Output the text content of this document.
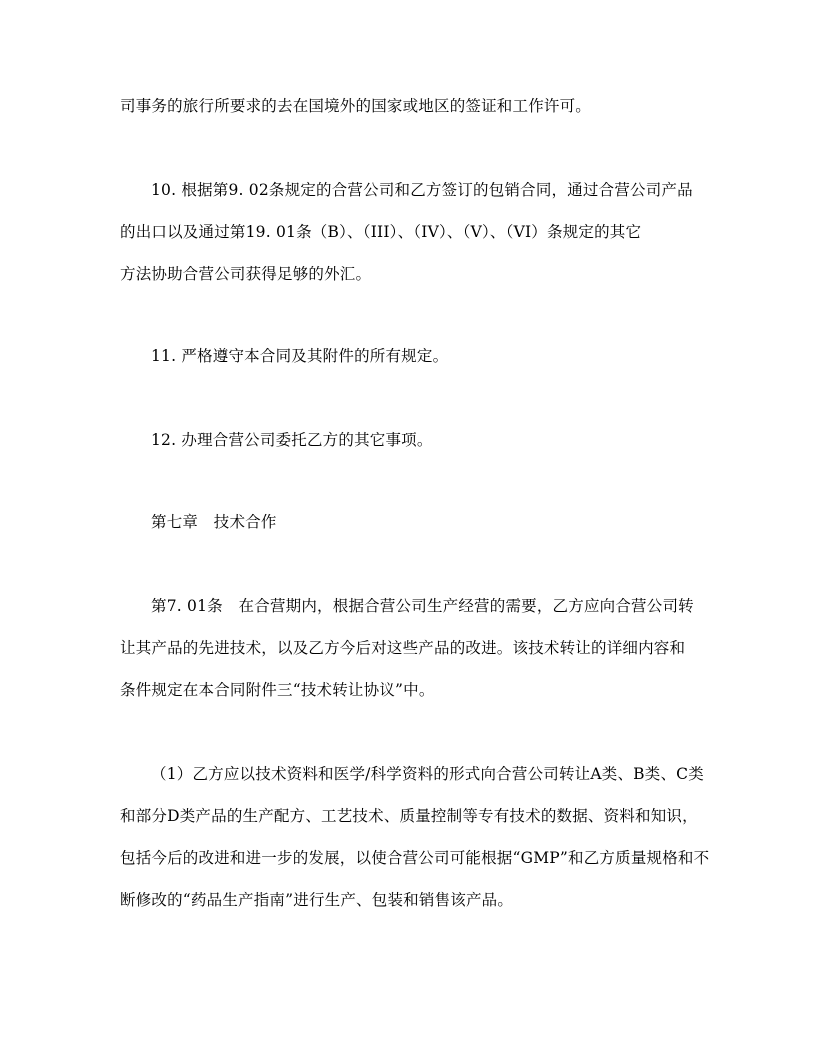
司事务的旅行所要求的去在国境外的国家或地区的签证和工作许可。
10. 根据第9. 02条规定的合营公司和乙方签订的包销合同，通过合营公司产品
的出口以及通过第19. 01条（B）、（III）、（IV）、（V）、（VI）条规定的其它
方法协助合营公司获得足够的外汇。
11. 严格遵守本合同及其附件的所有规定。
12. 办理合营公司委托乙方的其它事项。
第七章　技术合作
第7. 01条　在合营期内，根据合营公司生产经营的需要，乙方应向合营公司转
让其产品的先进技术，以及乙方今后对这些产品的改进。该技术转让的详细内容和
条件规定在本合同附件三“技术转让协议”中。
（1）乙方应以技术资料和医学/科学资料的形式向合营公司转让A类、B类、C类
和部分D类产品的生产配方、工艺技术、质量控制等专有技术的数据、资料和知识，
包括今后的改进和进一步的发展，以使合营公司可能根据“GMP”和乙方质量规格和不
断修改的“药品生产指南”进行生产、包装和销售该产品。
